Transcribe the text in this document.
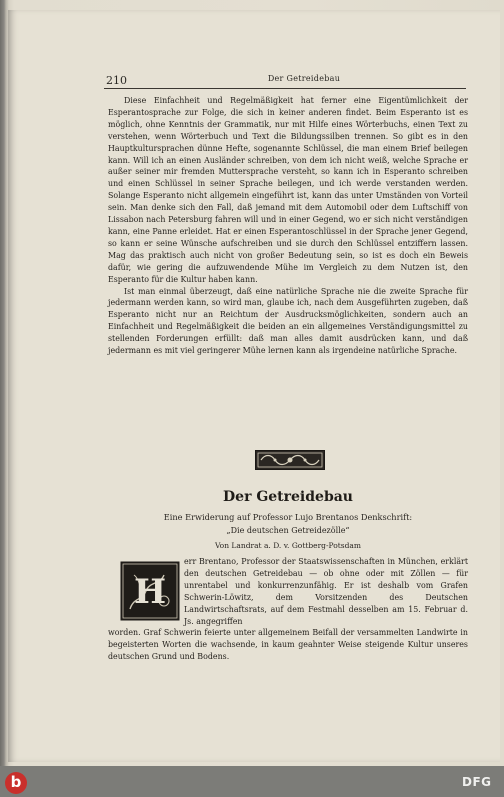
210	Der Getreidebau

Diese Einfachheit und Regelmäßigkeit hat ferner eine Eigentümlichkeit der Esperantosprache zur Folge, die sich in keiner anderen findet. Beim Esperanto ist es möglich, ohne Kenntnis der Grammatik, nur mit Hilfe eines Wörterbuchs, einen Text zu verstehen, wenn Wörterbuch und Text die Bildungssilben trennen. So gibt es in den Hauptkultursprachen dünne Hefte, sogenannte Schlüssel, die man einem Brief beilegen kann. Will ich an einen Ausländer schreiben, von dem ich nicht weiß, welche Sprache er außer seiner mir fremden Muttersprache versteht, so kann ich in Esperanto schreiben und einen Schlüssel in seiner Sprache beilegen, und ich werde verstanden werden. Solange Esperanto nicht allgemein eingeführt ist, kann das unter Umständen von Vorteil sein. Man denke sich den Fall, daß jemand mit dem Automobil oder dem Luftschiff von Lissabon nach Petersburg fahren will und in einer Gegend, wo er sich nicht verständigen kann, eine Panne erleidet. Hat er einen Esperantoschlüssel in der Sprache jener Gegend, so kann er seine Wünsche aufschreiben und sie durch den Schlüssel entziffern lassen. Mag das praktisch auch nicht von großer Bedeutung sein, so ist es doch ein Beweis dafür, wie gering die aufzuwendende Mühe im Vergleich zu dem Nutzen ist, den Esperanto für die Kultur haben kann.

Ist man einmal überzeugt, daß eine natürliche Sprache nie die zweite Sprache für jedermann werden kann, so wird man, glaube ich, nach dem Ausgeführten zugeben, daß Esperanto nicht nur an Reichtum der Ausdrucksmöglichkeiten, sondern auch an Einfachheit und Regelmäßigkeit die beiden an ein allgemeines Verständigungsmittel zu stellenden Forderungen erfüllt: daß man alles damit ausdrücken kann, und daß jedermann es mit viel geringerer Mühe lernen kann als irgendeine natürliche Sprache.

Der Getreidebau

Eine Erwiderung auf Professor Lujo Brentanos Denkschrift:

„Die deutschen Getreidezölle“

Von Landrat a. D. v. Gottberg-Potsdam

H

err Brentano, Professor der Staatswissenschaften in München, erklärt den deutschen Getreidebau — ob ohne oder mit Zöllen — für unrentabel und konkurrenzunfähig. Er ist deshalb vom Grafen Schwerin-Löwitz, dem Vorsitzenden des Deutschen Landwirtschaftsrats, auf dem Festmahl desselben am 15. Februar d. Js. angegriffen

worden. Graf Schwerin feierte unter allgemeinem Beifall der versammelten Landwirte in begeisterten Worten die wachsende, in kaum geahnter Weise steigende Kultur unseres deutschen Grund und Bodens.

b	DFG
